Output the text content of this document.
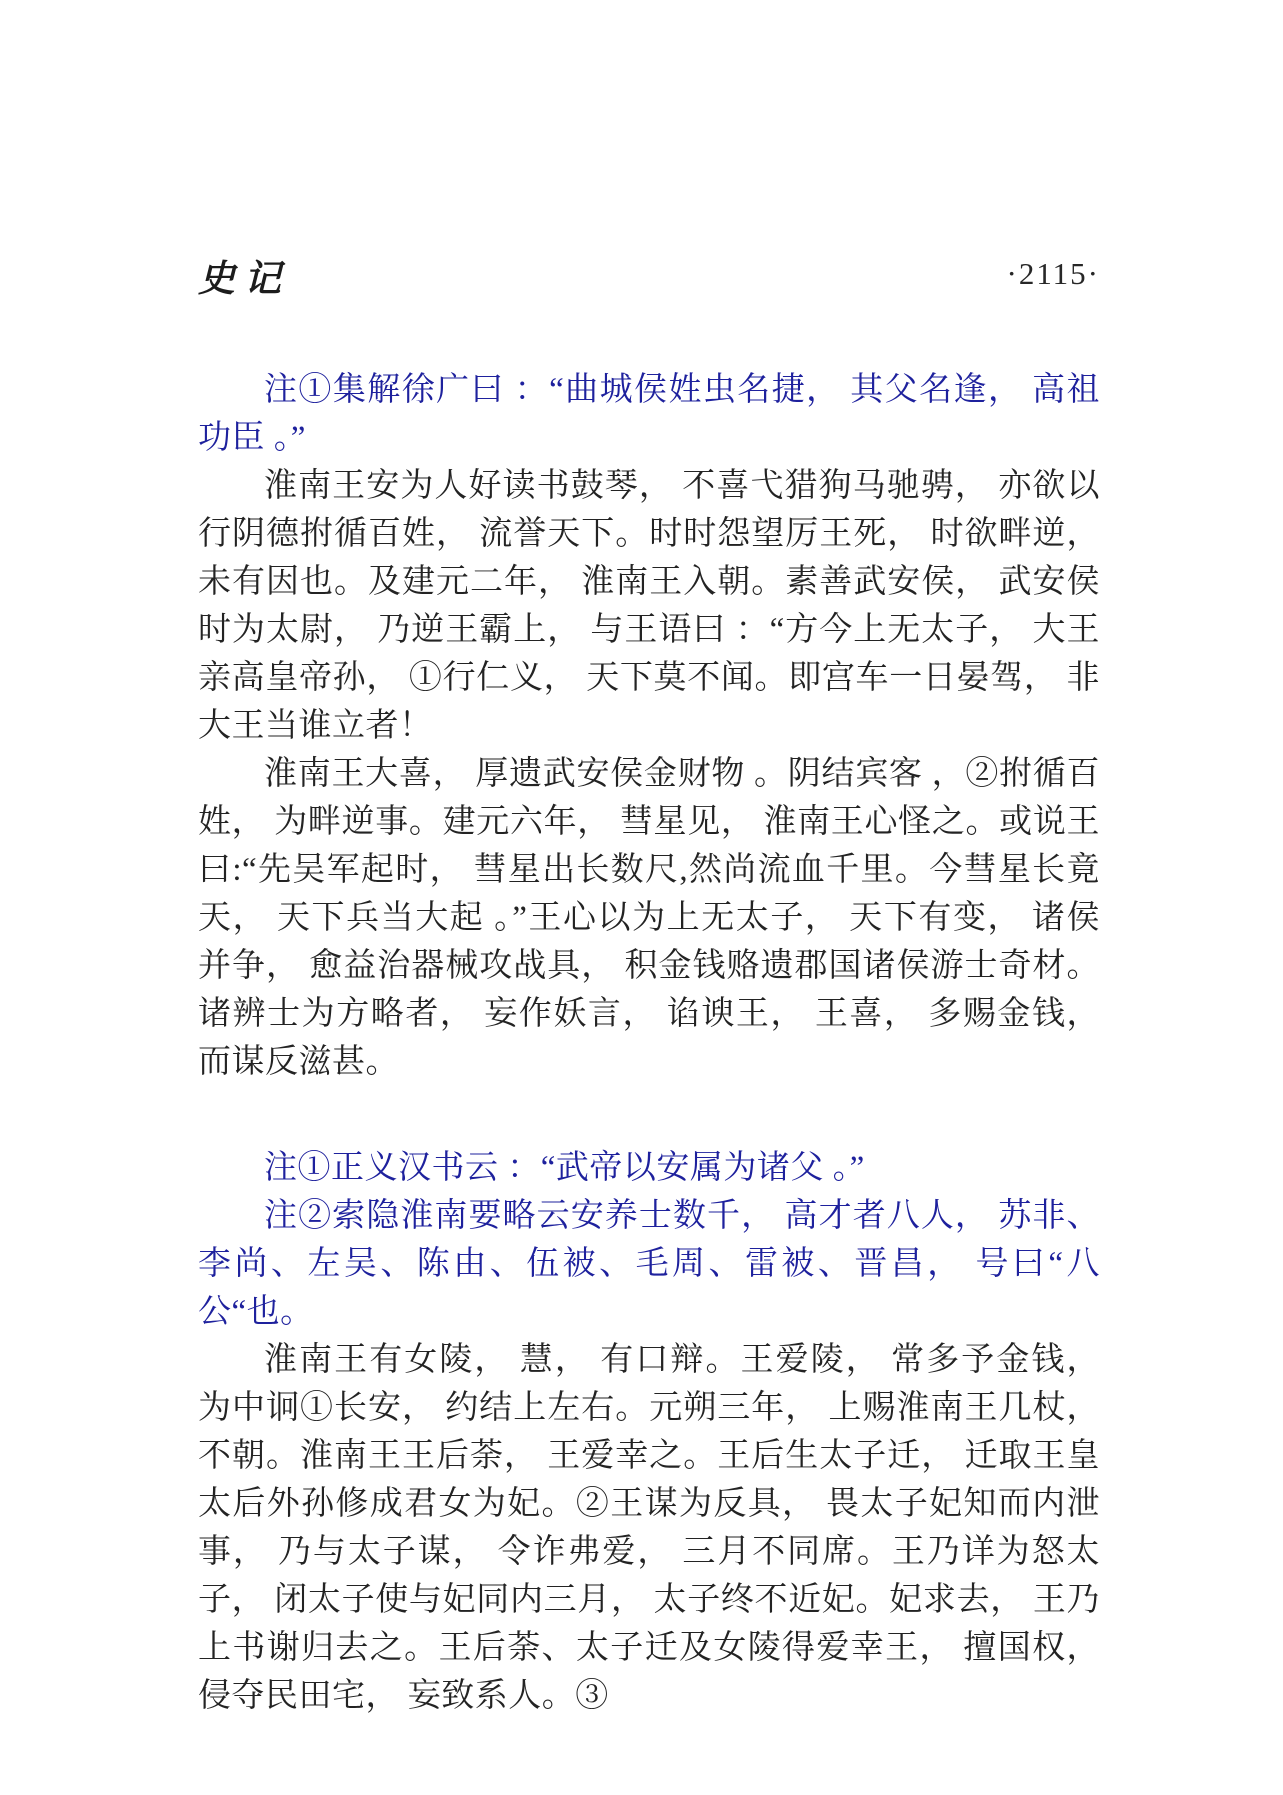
史记	·2115·

注①集解徐广曰 ：“曲城侯姓虫名捷， 其父名逢， 高祖功臣 。”

淮南王安为人好读书鼓琴， 不喜弋猎狗马驰骋， 亦欲以行阴德拊循百姓， 流誉天下。时时怨望厉王死， 时欲畔逆， 未有因也。及建元二年， 淮南王入朝。素善武安侯， 武安侯时为太尉， 乃逆王霸上， 与王语曰 ：“方今上无太子， 大王亲高皇帝孙， ①行仁义， 天下莫不闻。即宫车一日晏驾， 非大王当谁立者！

淮南王大喜， 厚遗武安侯金财物 。阴结宾客 ，②拊循百姓， 为畔逆事。建元六年， 彗星见， 淮南王心怪之。或说王曰:“先吴军起时， 彗星出长数尺,然尚流血千里。今彗星长竟天， 天下兵当大起 。”王心以为上无太子， 天下有变， 诸侯并争， 愈益治器械攻战具， 积金钱赂遗郡国诸侯游士奇材。诸辨士为方略者， 妄作妖言， 谄谀王， 王喜， 多赐金钱， 而谋反滋甚。

注①正义汉书云 ：“武帝以安属为诸父 。”

注②索隐淮南要略云安养士数千， 高才者八人， 苏非、李尚、左吴、陈由、伍被、毛周、雷被、晋昌， 号曰“八公“也。

淮南王有女陵， 慧， 有口辩。王爱陵， 常多予金钱， 为中诇①长安， 约结上左右。元朔三年， 上赐淮南王几杖， 不朝。淮南王王后荼， 王爱幸之。王后生太子迁， 迁取王皇太后外孙修成君女为妃。②王谋为反具， 畏太子妃知而内泄事， 乃与太子谋， 令诈弗爱， 三月不同席。王乃详为怒太子， 闭太子使与妃同内三月， 太子终不近妃。妃求去， 王乃上书谢归去之。王后荼、太子迁及女陵得爱幸王， 擅国权， 侵夺民田宅， 妄致系人。③
